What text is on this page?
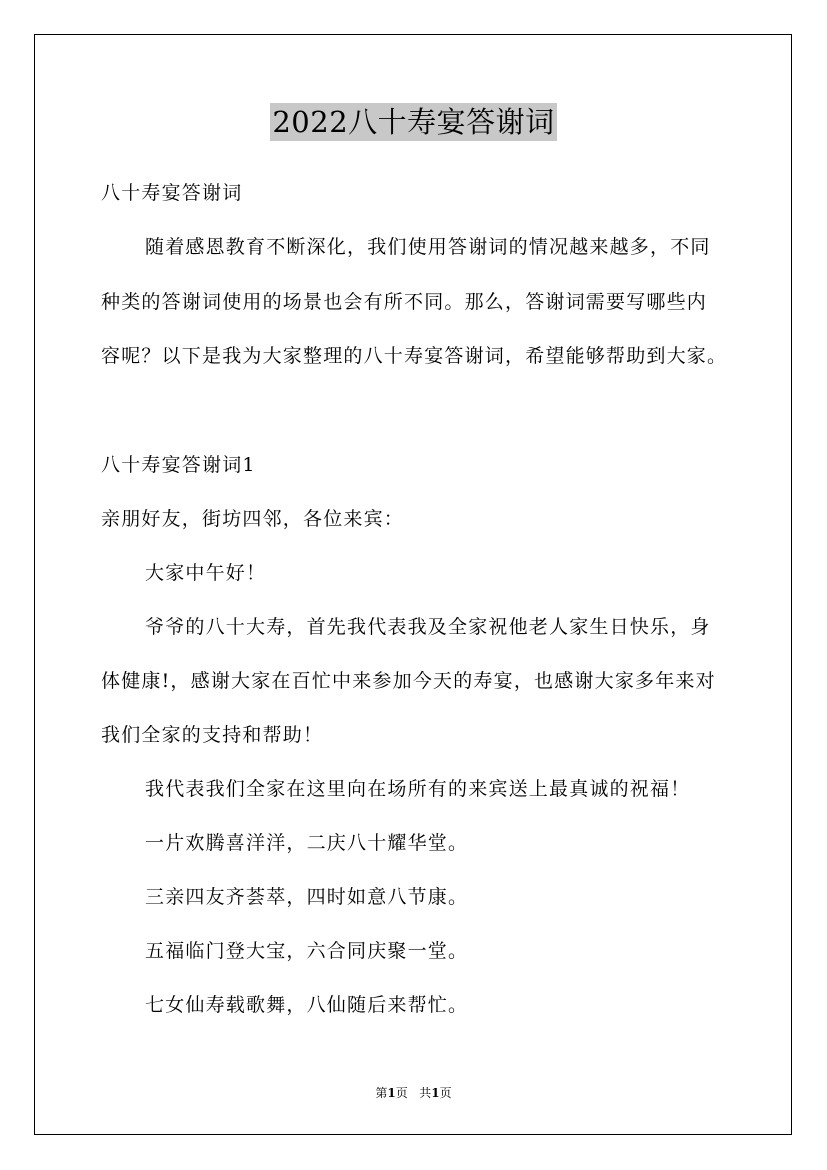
2022八十寿宴答谢词
八十寿宴答谢词
随着感恩教育不断深化，我们使用答谢词的情况越来越多，不同
种类的答谢词使用的场景也会有所不同。那么，答谢词需要写哪些内
容呢？以下是我为大家整理的八十寿宴答谢词，希望能够帮助到大家。
八十寿宴答谢词1
亲朋好友，街坊四邻，各位来宾：
大家中午好！
爷爷的八十大寿，首先我代表我及全家祝他老人家生日快乐，身
体健康!，感谢大家在百忙中来参加今天的寿宴，也感谢大家多年来对
我们全家的支持和帮助！
我代表我们全家在这里向在场所有的来宾送上最真诚的祝福！
一片欢腾喜洋洋，二庆八十耀华堂。
三亲四友齐荟萃，四时如意八节康。
五福临门登大宝，六合同庆聚一堂。
七女仙寿载歌舞，八仙随后来帮忙。
第1页 共1页
